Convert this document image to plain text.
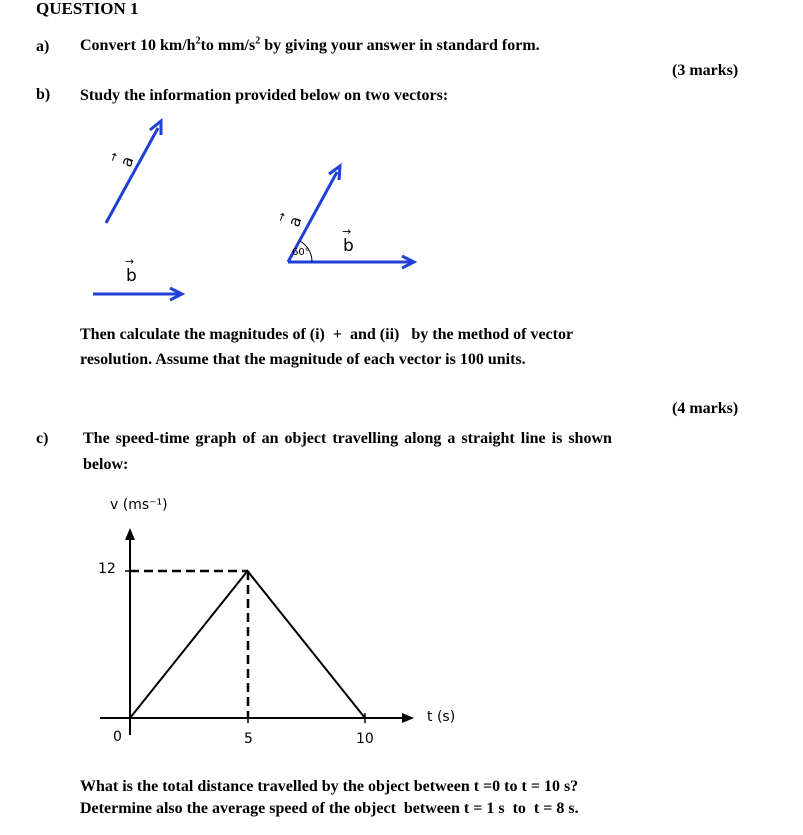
QUESTION 1
a) Convert 10 $km/h^2to$ $mm/s^2$ by giving your answer in standard form.
(3 marks)
b) Study the information provided below on two vectors:
→
a
→
b
→
a
→
b
60°
Then calculate the magnitudes of (i)  +  and (ii)   by the method of vector
resolution. Assume that the magnitude of each vector is 100 units.
(4 marks)
c) The speed-time graph of an object travelling along a straight line is shown
below:
v (ms⁻¹)
12
t (s)
0	5	10
What is the total distance travelled by the object between t =0 to t = 10 s?
Determine also the average speed of the object  between t = 1 s  to  t = 8 s.
